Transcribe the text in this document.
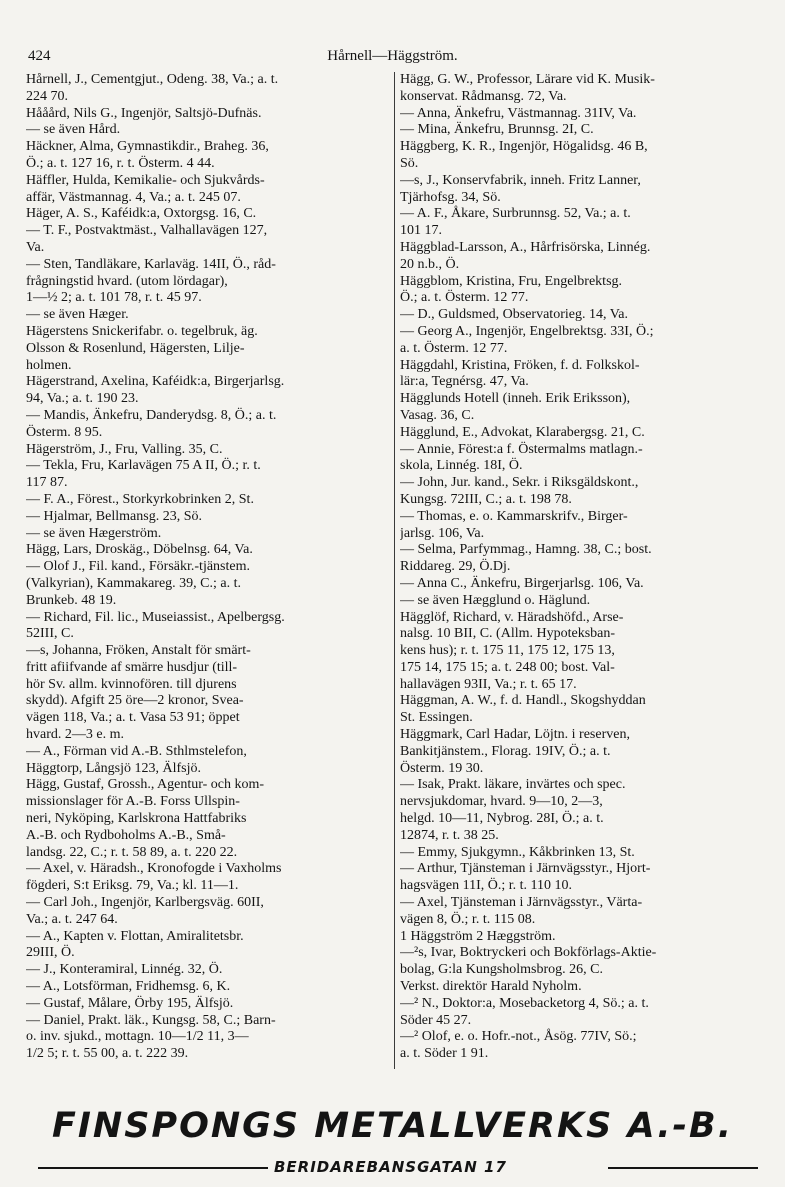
424	Hårnell—Häggström.
Hårnell, J., Cementgjut., Odeng. 38, Va.; a. t.
224 70.
Hååård, Nils G., Ingenjör, Saltsjö-Dufnäs.
— se även Hård.
Häckner, Alma, Gymnastikdir., Braheg. 36,
Ö.; a. t. 127 16, r. t. Österm. 4 44.
Häffler, Hulda, Kemikalie- och Sjukvårds-
affär, Västmannag. 4, Va.; a. t. 245 07.
Häger, A. S., Kaféidk:a, Oxtorgsg. 16, C.
— T. F., Postvaktmäst., Valhallavägen 127,
Va.
— Sten, Tandläkare, Karlaväg. 14II, Ö., råd-
frågningstid hvard. (utom lördagar),
1—½ 2; a. t. 101 78, r. t. 45 97.
— se även Hæger.
Hägerstens Snickerifabr. o. tegelbruk, äg.
Olsson & Rosenlund, Hägersten, Lilje-
holmen.
Hägerstrand, Axelina, Kaféidk:a, Birgerjarlsg.
94, Va.; a. t. 190 23.
— Mandis, Änkefru, Danderydsg. 8, Ö.; a. t.
Österm. 8 95.
Hägerström, J., Fru, Valling. 35, C.
— Tekla, Fru, Karlavägen 75 A II, Ö.; r. t.
117 87.
— F. A., Förest., Storkyrkobrinken 2, St.
— Hjalmar, Bellmansg. 23, Sö.
— se även Hægerström.
Hägg, Lars, Droskäg., Döbelnsg. 64, Va.
— Olof J., Fil. kand., Försäkr.-tjänstem.
(Valkyrian), Kammakareg. 39, C.; a. t.
Brunkeb. 48 19.
— Richard, Fil. lic., Museiassist., Apelbergsg.
52III, C.
—s, Johanna, Fröken, Anstalt för smärt-
fritt afiifvande af smärre husdjur (till-
hör Sv. allm. kvinnofören. till djurens
skydd). Afgift 25 öre—2 kronor, Svea-
vägen 118, Va.; a. t. Vasa 53 91; öppet
hvard. 2—3 e. m.
— A., Förman vid A.-B. Sthlmstelefon,
Häggtorp, Långsjö 123, Älfsjö.
Hägg, Gustaf, Grossh., Agentur- och kom-
missionslager för A.-B. Forss Ullspin-
neri, Nyköping, Karlskrona Hattfabriks
A.-B. och Rydboholms A.-B., Små-
landsg. 22, C.; r. t. 58 89, a. t. 220 22.
— Axel, v. Häradsh., Kronofogde i Vaxholms
fögderi, S:t Eriksg. 79, Va.; kl. 11—1.
— Carl Joh., Ingenjör, Karlbergsväg. 60II,
Va.; a. t. 247 64.
— A., Kapten v. Flottan, Amiralitetsbr.
29III, Ö.
— J., Konteramiral, Linnég. 32, Ö.
— A., Lotsförman, Fridhemsg. 6, K.
— Gustaf, Målare, Örby 195, Älfsjö.
— Daniel, Prakt. läk., Kungsg. 58, C.; Barn-
o. inv. sjukd., mottagn. 10—1/2 11, 3—
1/2 5; r. t. 55 00, a. t. 222 39.
Hägg, G. W., Professor, Lärare vid K. Musik-
konservat. Rådmansg. 72, Va.
— Anna, Änkefru, Västmannag. 31IV, Va.
— Mina, Änkefru, Brunnsg. 2I, C.
Häggberg, K. R., Ingenjör, Högalidsg. 46 B,
Sö.
—s, J., Konservfabrik, inneh. Fritz Lanner,
Tjärhofsg. 34, Sö.
— A. F., Åkare, Surbrunnsg. 52, Va.; a. t.
101 17.
Häggblad-Larsson, A., Hårfrisörska, Linnég.
20 n.b., Ö.
Häggblom, Kristina, Fru, Engelbrektsg.
Ö.; a. t. Österm. 12 77.
— D., Guldsmed, Observatorieg. 14, Va.
— Georg A., Ingenjör, Engelbrektsg. 33I, Ö.;
a. t. Österm. 12 77.
Häggdahl, Kristina, Fröken, f. d. Folkskol-
lär:a, Tegnérsg. 47, Va.
Hägglunds Hotell (inneh. Erik Eriksson),
Vasag. 36, C.
Hägglund, E., Advokat, Klarabergsg. 21, C.
— Annie, Förest:a f. Östermalms matlagn.-
skola, Linnég. 18I, Ö.
— John, Jur. kand., Sekr. i Riksgäldskont.,
Kungsg. 72III, C.; a. t. 198 78.
— Thomas, e. o. Kammarskrifv., Birger-
jarlsg. 106, Va.
— Selma, Parfymmag., Hamng. 38, C.; bost.
Riddareg. 29, Ö.Dj.
— Anna C., Änkefru, Birgerjarlsg. 106, Va.
— se även Hægglund o. Häglund.
Hägglöf, Richard, v. Häradshöfd., Arse-
nalsg. 10 BII, C. (Allm. Hypoteksban-
kens hus); r. t. 175 11, 175 12, 175 13,
175 14, 175 15; a. t. 248 00; bost. Val-
hallavägen 93II, Va.; r. t. 65 17.
Häggman, A. W., f. d. Handl., Skogshyddan
St. Essingen.
Häggmark, Carl Hadar, Löjtn. i reserven,
Bankitjänstem., Florag. 19IV, Ö.; a. t.
Österm. 19 30.
— Isak, Prakt. läkare, invärtes och spec.
nervsjukdomar, hvard. 9—10, 2—3,
helgd. 10—11, Nybrog. 28I, Ö.; a. t.
12874, r. t. 38 25.
— Emmy, Sjukgymn., Kåkbrinken 13, St.
— Arthur, Tjänsteman i Järnvägsstyr., Hjort-
hagsvägen 11I, Ö.; r. t. 110 10.
— Axel, Tjänsteman i Järnvägsstyr., Värta-
vägen 8, Ö.; r. t. 115 08.
1 Häggström 2 Hæggström.
—²s, Ivar, Boktryckeri och Bokförlags-Aktie-
bolag, G:la Kungsholmsbrog. 26, C.
Verkst. direktör Harald Nyholm.
—² N., Doktor:a, Mosebacketorg 4, Sö.; a. t.
Söder 45 27.
—² Olof, e. o. Hofr.-not., Åsög. 77IV, Sö.;
a. t. Söder 1 91.
FINSPONGS METALLVERKS A.-B.
BERIDAREBANSGATAN 17
